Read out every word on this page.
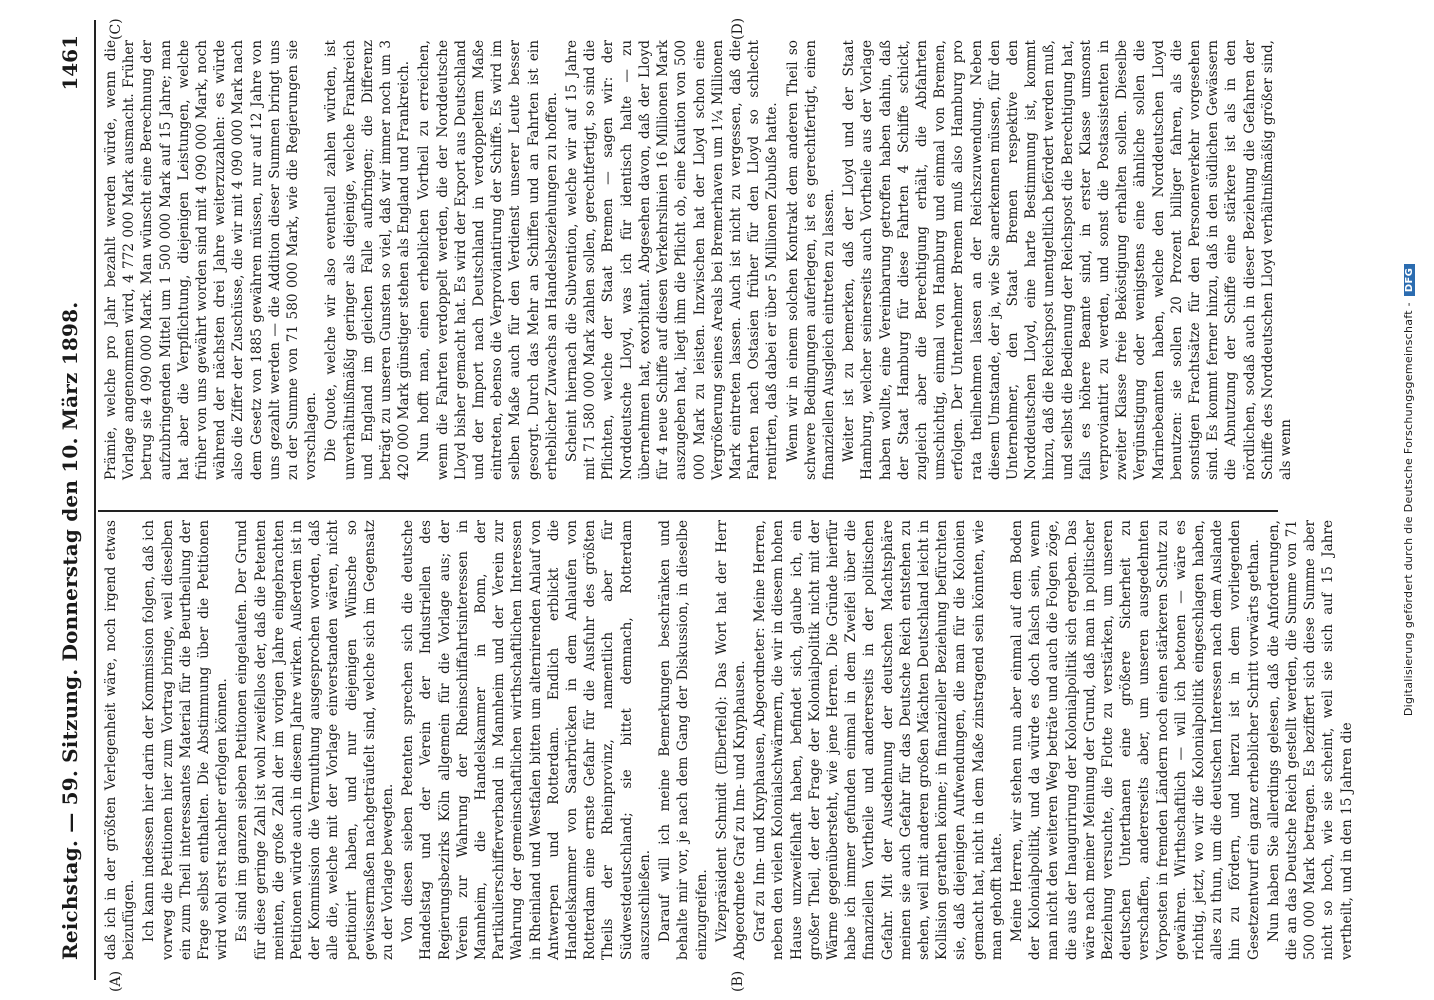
Reichstag. — 59. Sitzung. Donnerstag den 10. März 1898.
1461
(A)	(B)
(C)	(D)

daß ich in der größten Verlegenheit wäre, noch irgend etwas beizufügen. Ich kann indessen hier darin der Kommission folgen, daß ich vorweg die Petitionen hier zum Vortrag bringe, weil dieselben ein zum Theil interessantes Material für die Beurtheilung der Frage selbst enthalten. Die Abstimmung über die Petitionen wird wohl erst nachher erfolgen können. Es sind im ganzen sieben Petitionen eingelaufen. Der Grund für diese geringe Zahl ist wohl zweifellos der, daß die Petenten meinten, die große Zahl der im vorigen Jahre eingebrachten Petitionen würde auch in diesem Jahre wirken. Außerdem ist in der Kommission die Vermuthung ausgesprochen worden, daß alle die, welche mit der Vorlage einverstanden wären, nicht petitionirt haben, und nur diejenigen Wünsche so gewissermaßen nachgeträufelt sind, welche sich im Gegensatz zu der Vorlage bewegten. Von diesen sieben Petenten sprechen sich die deutsche Handelstag und der Verein der Industriellen des Regierungsbezirks Köln allgemein für die Vorlage aus; der Verein zur Wahrung der Rheinschiffahrtsinteressen in Mannheim, die Handelskammer in Bonn, der Partikulierschifferverband in Mannheim und der Verein zur Wahrung der gemeinschaftlichen wirthschaftlichen Interessen in Rheinland und Westfalen bitten um alternirenden Anlauf von Antwerpen und Rotterdam. Endlich erblickt die Handelskammer von Saarbrücken in dem Anlaufen von Rotterdam eine ernste Gefahr für die Ausfuhr des größten Theils der Rheinprovinz, namentlich aber für Südwestdeutschland; sie bittet demnach, Rotterdam auszuschließen. Darauf will ich meine Bemerkungen beschränken und behalte mir vor, je nach dem Gang der Diskussion, in dieselbe einzugreifen. Vizepräsident Schmidt (Elberfeld): Das Wort hat der Herr Abgeordnete Graf zu Inn- und Knyphausen. Graf zu Inn- und Knyphausen, Abgeordneter: Meine Herren, neben den vielen Kolonialschwärmern, die wir in diesem hohen Hause unzweifelhaft haben, befindet sich, glaube ich, ein großer Theil, der der Frage der Kolonialpolitik nicht mit der Wärme gegenübersteht, wie jene Herren. Die Gründe hierfür habe ich immer gefunden einmal in dem Zweifel über die finanziellen Vortheile und andererseits in der politischen Gefahr. Mit der Ausdehnung der deutschen Machtsphäre meinen sie auch Gefahr für das Deutsche Reich entstehen zu sehen, weil mit anderen großen Mächten Deutschland leicht in Kollision gerathen könne; in finanzieller Beziehung befürchten sie, daß diejenigen Aufwendungen, die man für die Kolonien gemacht hat, nicht in dem Maße zinstragend sein könnten, wie man gehofft hatte. Meine Herren, wir stehen nun aber einmal auf dem Boden der Kolonialpolitik, und da würde es doch falsch sein, wenn man nicht den weiteren Weg beträte und auch die Folgen zöge, die aus der Inaugurirung der Kolonialpolitik sich ergeben. Das wäre nach meiner Meinung der Grund, daß man in politischer Beziehung versuchte, die Flotte zu verstärken, um unseren deutschen Unterthanen eine größere Sicherheit zu verschaffen, andererseits aber, um unseren ausgedehnten Vorposten in fremden Ländern noch einen stärkeren Schutz zu gewähren. Wirthschaftlich — will ich betonen — wäre es richtig, jetzt, wo wir die Kolonialpolitik eingeschlagen haben, alles zu thun, um die deutschen Interessen nach dem Auslande hin zu fördern, und hierzu ist in dem vorliegenden Gesetzentwurf ein ganz erheblicher Schritt vorwärts gethan. Nun haben Sie allerdings gelesen, daß die Anforderungen, die an das Deutsche Reich gestellt werden, die Summe von 71 500 000 Mark betragen. Es beziffert sich diese Summe aber nicht so hoch, wie sie scheint, weil sie sich auf 15 Jahre vertheilt, und in den 15 Jahren die

Prämie, welche pro Jahr bezahlt werden würde, wenn die Vorlage angenommen wird, 4 772 000 Mark ausmacht. Früher betrug sie 4 090 000 Mark. Man wünscht eine Berechnung der aufzubringenden Mittel um 1 500 000 Mark auf 15 Jahre; man hat aber die Verpflichtung, diejenigen Leistungen, welche früher von uns gewährt worden sind mit 4 090 000 Mark, noch während der nächsten drei Jahre weiterzuzahlen: es würde also die Ziffer der Zuschüsse, die wir mit 4 090 000 Mark nach dem Gesetz von 1885 gewähren müssen, nur auf 12 Jahre von uns gezahlt werden — die Addition dieser Summen bringt uns zu der Summe von 71 580 000 Mark, wie die Regierungen sie vorschlagen. Die Quote, welche wir also eventuell zahlen würden, ist unverhältnißmäßig geringer als diejenige, welche Frankreich und England im gleichen Falle aufbringen; die Differenz beträgt zu unseren Gunsten so viel, daß wir immer noch um 3 420 000 Mark günstiger stehen als England und Frankreich. Nun hofft man, einen erheblichen Vortheil zu erreichen, wenn die Fahrten verdoppelt werden, die der Norddeutsche Lloyd bisher gemacht hat. Es wird der Export aus Deutschland und der Import nach Deutschland in verdoppeltem Maße eintreten, ebenso die Verproviantirung der Schiffe. Es wird im selben Maße auch für den Verdienst unserer Leute besser gesorgt. Durch das Mehr an Schiffen und an Fahrten ist ein erheblicher Zuwachs an Handelsbeziehungen zu hoffen. Scheint hiernach die Subvention, welche wir auf 15 Jahre mit 71 580 000 Mark zahlen sollen, gerechtfertigt, so sind die Pflichten, welche der Staat Bremen — sagen wir: der Norddeutsche Lloyd, was ich für identisch halte — zu übernehmen hat, exorbitant. Abgesehen davon, daß der Lloyd für 4 neue Schiffe auf diesen Verkehrslinien 16 Millionen Mark auszugeben hat, liegt ihm die Pflicht ob, eine Kaution von 500 000 Mark zu leisten. Inzwischen hat der Lloyd schon eine Vergrößerung seines Areals bei Bremerhaven um 1¼ Millionen Mark eintreten lassen. Auch ist nicht zu vergessen, daß die Fahrten nach Ostasien früher für den Lloyd so schlecht rentirten, daß dabei er über 5 Millionen Zubuße hatte. Wenn wir in einem solchen Kontrakt dem anderen Theil so schwere Bedingungen auferlegen, ist es gerechtfertigt, einen finanziellen Ausgleich eintreten zu lassen. Weiter ist zu bemerken, daß der Lloyd und der Staat Hamburg, welcher seinerseits auch Vortheile aus der Vorlage haben wollte, eine Vereinbarung getroffen haben dahin, daß der Staat Hamburg für diese Fahrten 4 Schiffe schickt, zugleich aber die Berechtigung erhält, die Abfahrten umschichtig, einmal von Hamburg und einmal von Bremen, erfolgen. Der Unternehmer Bremen muß also Hamburg pro rata theilnehmen lassen an der Reichszuwendung. Neben diesem Umstande, der ja, wie Sie anerkennen müssen, für den Unternehmer, den Staat Bremen respektive den Norddeutschen Lloyd, eine harte Bestimmung ist, kommt hinzu, daß die Reichspost unentgeltlich befördert werden muß, und selbst die Bedienung der Reichspost die Berechtigung hat, falls es höhere Beamte sind, in erster Klasse umsonst verproviantirt zu werden, und sonst die Postassistenten in zweiter Klasse freie Beköstigung erhalten sollen. Dieselbe Vergünstigung oder wenigstens eine ähnliche sollen die Marinebeamten haben, welche den Norddeutschen Lloyd benutzen: sie sollen 20 Prozent billiger fahren, als die sonstigen Frachtsätze für den Personenverkehr vorgesehen sind. Es kommt ferner hinzu, daß in den südlichen Gewässern die Abnutzung der Schiffe eine stärkere ist als in den nördlichen, sodaß auch in dieser Beziehung die Gefahren der Schiffe des Norddeutschen Lloyd verhältnißmäßig größer sind, als wenn	Digitalisierung gefördert durch die Deutsche Forschungsgemeinschaft -DFG
